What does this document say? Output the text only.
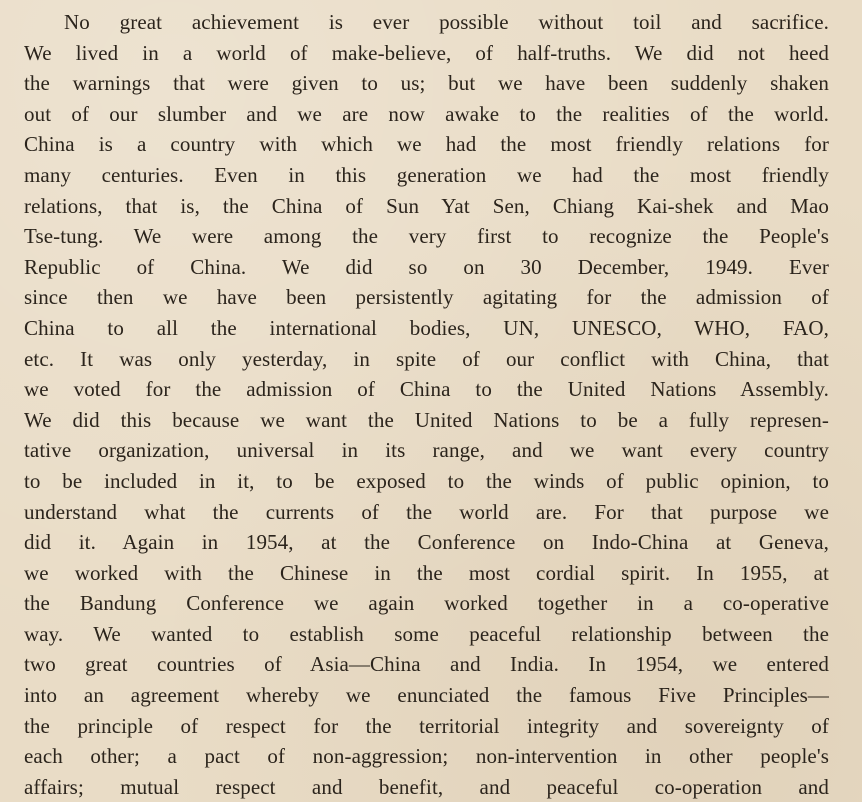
No great achievement is ever possible without toil and sacrifice.
We lived in a world of make-believe, of half-truths. We did not heed
the warnings that were given to us; but we have been suddenly shaken
out of our slumber and we are now awake to the realities of the world.
China is a country with which we had the most friendly relations for
many centuries. Even in this generation we had the most friendly
relations, that is, the China of Sun Yat Sen, Chiang Kai-shek and Mao
Tse-tung. We were among the very first to recognize the People's
Republic of China. We did so on 30 December, 1949. Ever
since then we have been persistently agitating for the admission of
China to all the international bodies, UN, UNESCO, WHO, FAO,
etc. It was only yesterday, in spite of our conflict with China, that
we voted for the admission of China to the United Nations Assembly.
We did this because we want the United Nations to be a fully represen-
tative organization, universal in its range, and we want every country
to be included in it, to be exposed to the winds of public opinion, to
understand what the currents of the world are. For that purpose we
did it. Again in 1954, at the Conference on Indo-China at Geneva,
we worked with the Chinese in the most cordial spirit. In 1955, at
the Bandung Conference we again worked together in a co-operative
way. We wanted to establish some peaceful relationship between the
two great countries of Asia—China and India. In 1954, we entered
into an agreement whereby we enunciated the famous Five Principles—
the principle of respect for the territorial integrity and sovereignty of
each other; a pact of non-aggression; non-intervention in other people's
affairs; mutual respect and benefit, and peaceful co-operation and
